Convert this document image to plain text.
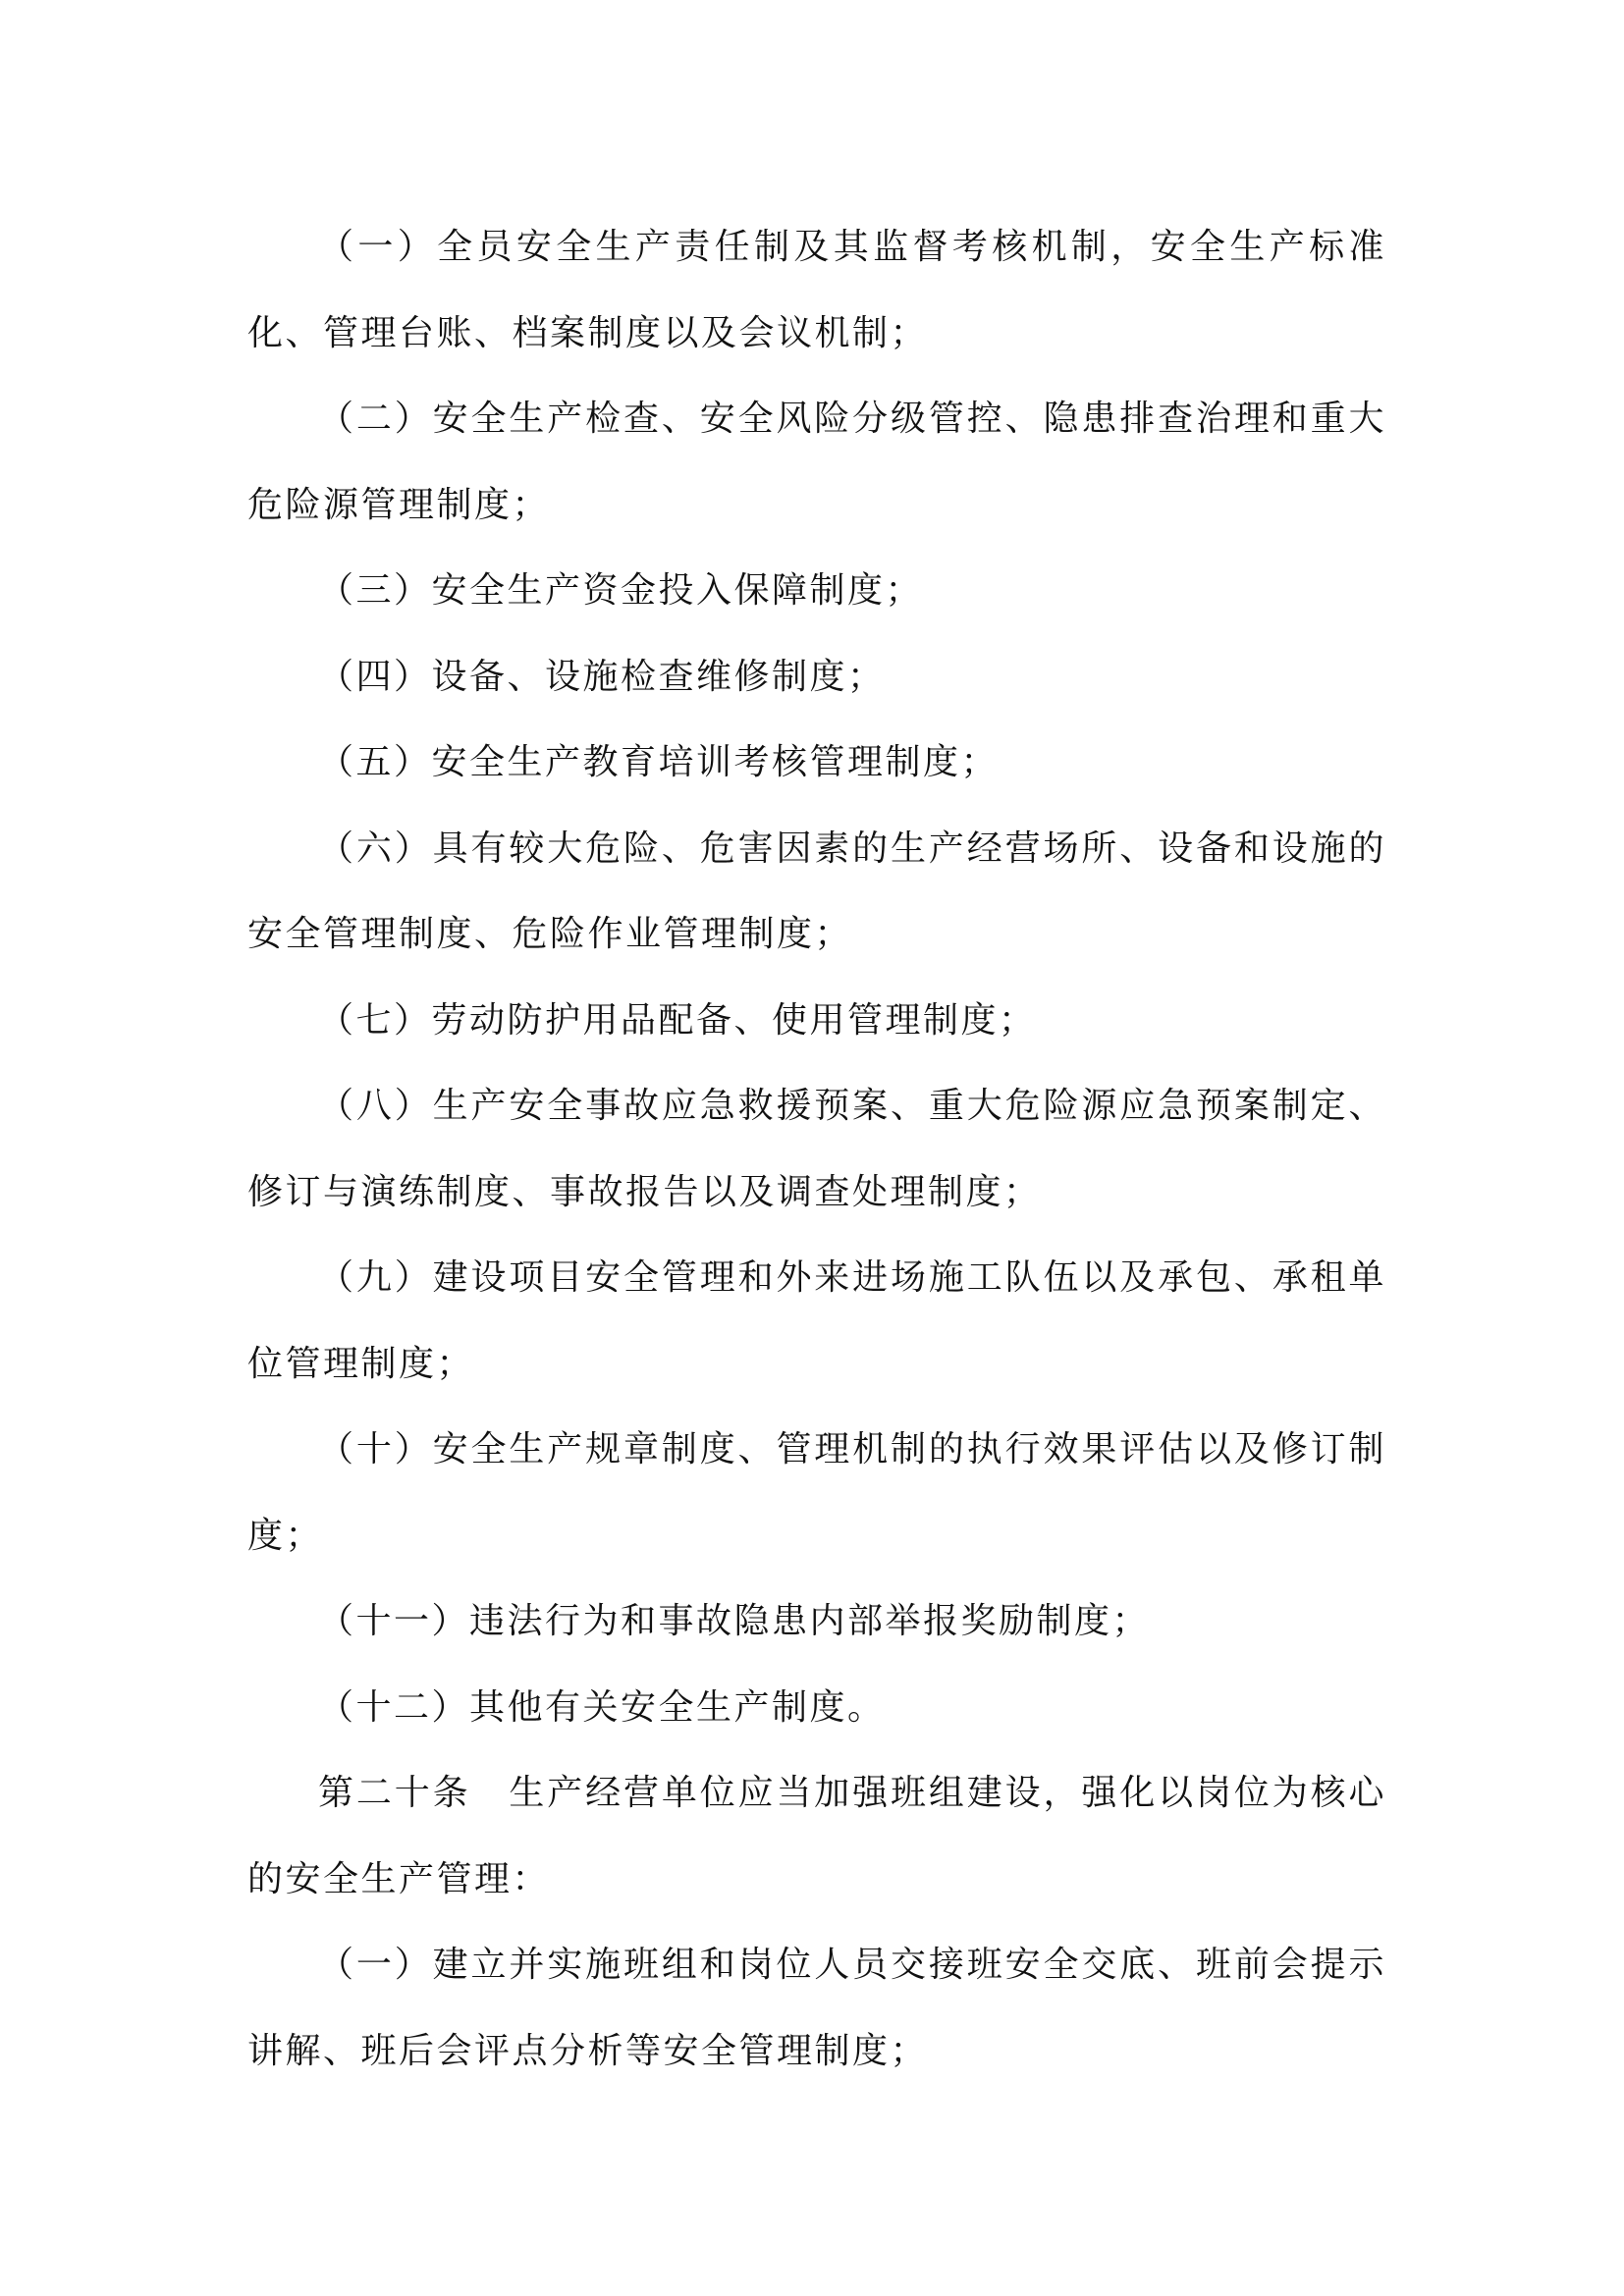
（一）全员安全生产责任制及其监督考核机制，安全生产标准化、管理台账、档案制度以及会议机制；

（二）安全生产检查、安全风险分级管控、隐患排查治理和重大危险源管理制度；

（三）安全生产资金投入保障制度；

（四）设备、设施检查维修制度；

（五）安全生产教育培训考核管理制度；

（六）具有较大危险、危害因素的生产经营场所、设备和设施的安全管理制度、危险作业管理制度；

（七）劳动防护用品配备、使用管理制度；

（八）生产安全事故应急救援预案、重大危险源应急预案制定、修订与演练制度、事故报告以及调查处理制度；

（九）建设项目安全管理和外来进场施工队伍以及承包、承租单位管理制度；

（十）安全生产规章制度、管理机制的执行效果评估以及修订制度；

（十一）违法行为和事故隐患内部举报奖励制度；

（十二）其他有关安全生产制度。

第二十条　生产经营单位应当加强班组建设，强化以岗位为核心的安全生产管理：

（一）建立并实施班组和岗位人员交接班安全交底、班前会提示讲解、班后会评点分析等安全管理制度；
